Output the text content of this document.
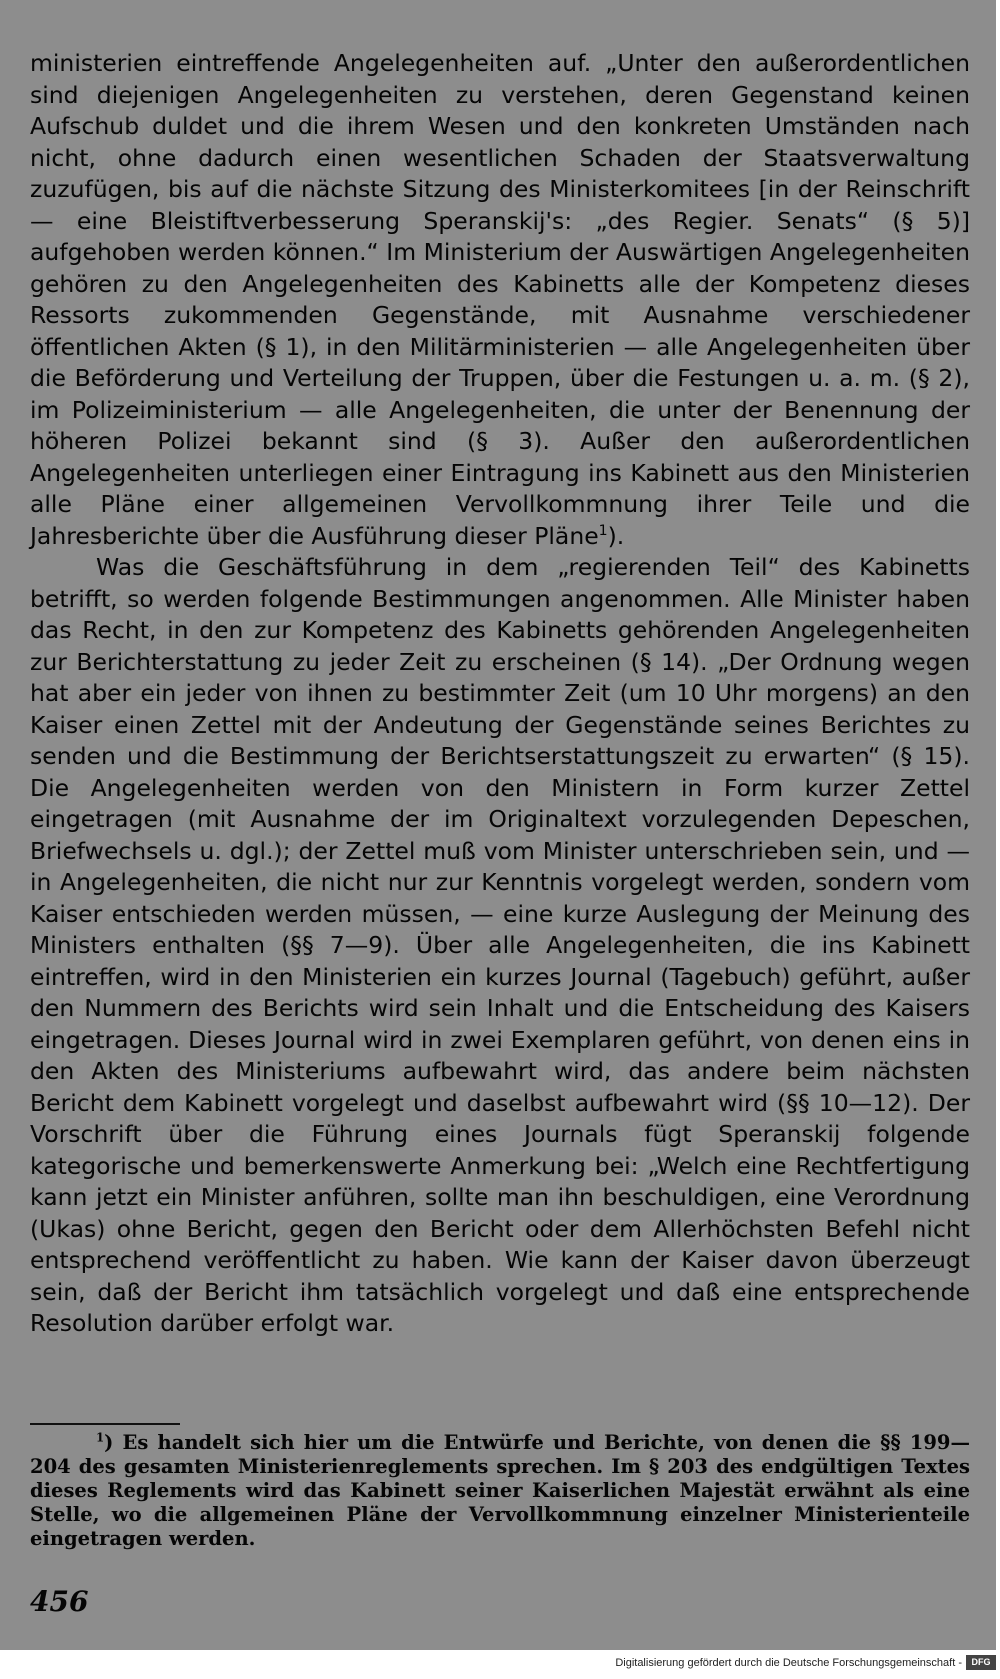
ministerien eintreffende Angelegenheiten auf. „Unter den außerordentlichen sind diejenigen Angelegenheiten zu verstehen, deren Gegenstand keinen Aufschub duldet und die ihrem Wesen und den konkreten Umständen nach nicht, ohne dadurch einen wesentlichen Schaden der Staatsverwaltung zuzufügen, bis auf die nächste Sitzung des Ministerkomitees [in der Reinschrift — eine Bleistiftverbesserung Speranskij's: „des Regier. Senats“ (§ 5)] aufgehoben werden können.“ Im Ministerium der Auswärtigen Angelegenheiten gehören zu den Angelegenheiten des Kabinetts alle der Kompetenz dieses Ressorts zukommenden Gegenstände, mit Ausnahme verschiedener öffentlichen Akten (§ 1), in den Militärministerien — alle Angelegenheiten über die Beförderung und Verteilung der Truppen, über die Festungen u. a. m. (§ 2), im Polizeiministerium — alle Angelegenheiten, die unter der Benennung der höheren Polizei bekannt sind (§ 3). Außer den außerordentlichen Angelegenheiten unterliegen einer Eintragung ins Kabinett aus den Ministerien alle Pläne einer allgemeinen Vervollkommnung ihrer Teile und die Jahresberichte über die Ausführung dieser Pläne$^1$).

Was die Geschäftsführung in dem „regierenden Teil“ des Kabinetts betrifft, so werden folgende Bestimmungen angenommen. Alle Minister haben das Recht, in den zur Kompetenz des Kabinetts gehörenden Angelegenheiten zur Berichterstattung zu jeder Zeit zu erscheinen (§ 14). „Der Ordnung wegen hat aber ein jeder von ihnen zu bestimmter Zeit (um 10 Uhr morgens) an den Kaiser einen Zettel mit der Andeutung der Gegenstände seines Berichtes zu senden und die Bestimmung der Berichtserstattungszeit zu erwarten“ (§ 15). Die Angelegenheiten werden von den Ministern in Form kurzer Zettel eingetragen (mit Ausnahme der im Originaltext vorzulegenden Depeschen, Briefwechsels u. dgl.); der Zettel muß vom Minister unterschrieben sein, und — in Angelegenheiten, die nicht nur zur Kenntnis vorgelegt werden, sondern vom Kaiser entschieden werden müssen, — eine kurze Auslegung der Meinung des Ministers enthalten (§§ 7—9). Über alle Angelegenheiten, die ins Kabinett eintreffen, wird in den Ministerien ein kurzes Journal (Tagebuch) geführt, außer den Nummern des Berichts wird sein Inhalt und die Entscheidung des Kaisers eingetragen. Dieses Journal wird in zwei Exemplaren geführt, von denen eins in den Akten des Ministeriums aufbewahrt wird, das andere beim nächsten Bericht dem Kabinett vorgelegt und daselbst aufbewahrt wird (§§ 10—12). Der Vorschrift über die Führung eines Journals fügt Speranskij folgende kategorische und bemerkenswerte Anmerkung bei: „Welch eine Rechtfertigung kann jetzt ein Minister anführen, sollte man ihn beschuldigen, eine Verordnung (Ukas) ohne Bericht, gegen den Bericht oder dem Allerhöchsten Befehl nicht entsprechend veröffentlicht zu haben. Wie kann der Kaiser davon überzeugt sein, daß der Bericht ihm tatsächlich vorgelegt und daß eine entsprechende Resolution darüber erfolgt war.

$^1$) Es handelt sich hier um die Entwürfe und Berichte, von denen die §§ 199—204 des gesamten Ministerienreglements sprechen. Im § 203 des endgültigen Textes dieses Reglements wird das Kabinett seiner Kaiserlichen Majestät erwähnt als eine Stelle, wo die allgemeinen Pläne der Vervollkommnung einzelner Ministerienteile eingetragen werden.

456
Digitalisierung gefördert durch die Deutsche Forschungsgemeinschaft -	DFG
